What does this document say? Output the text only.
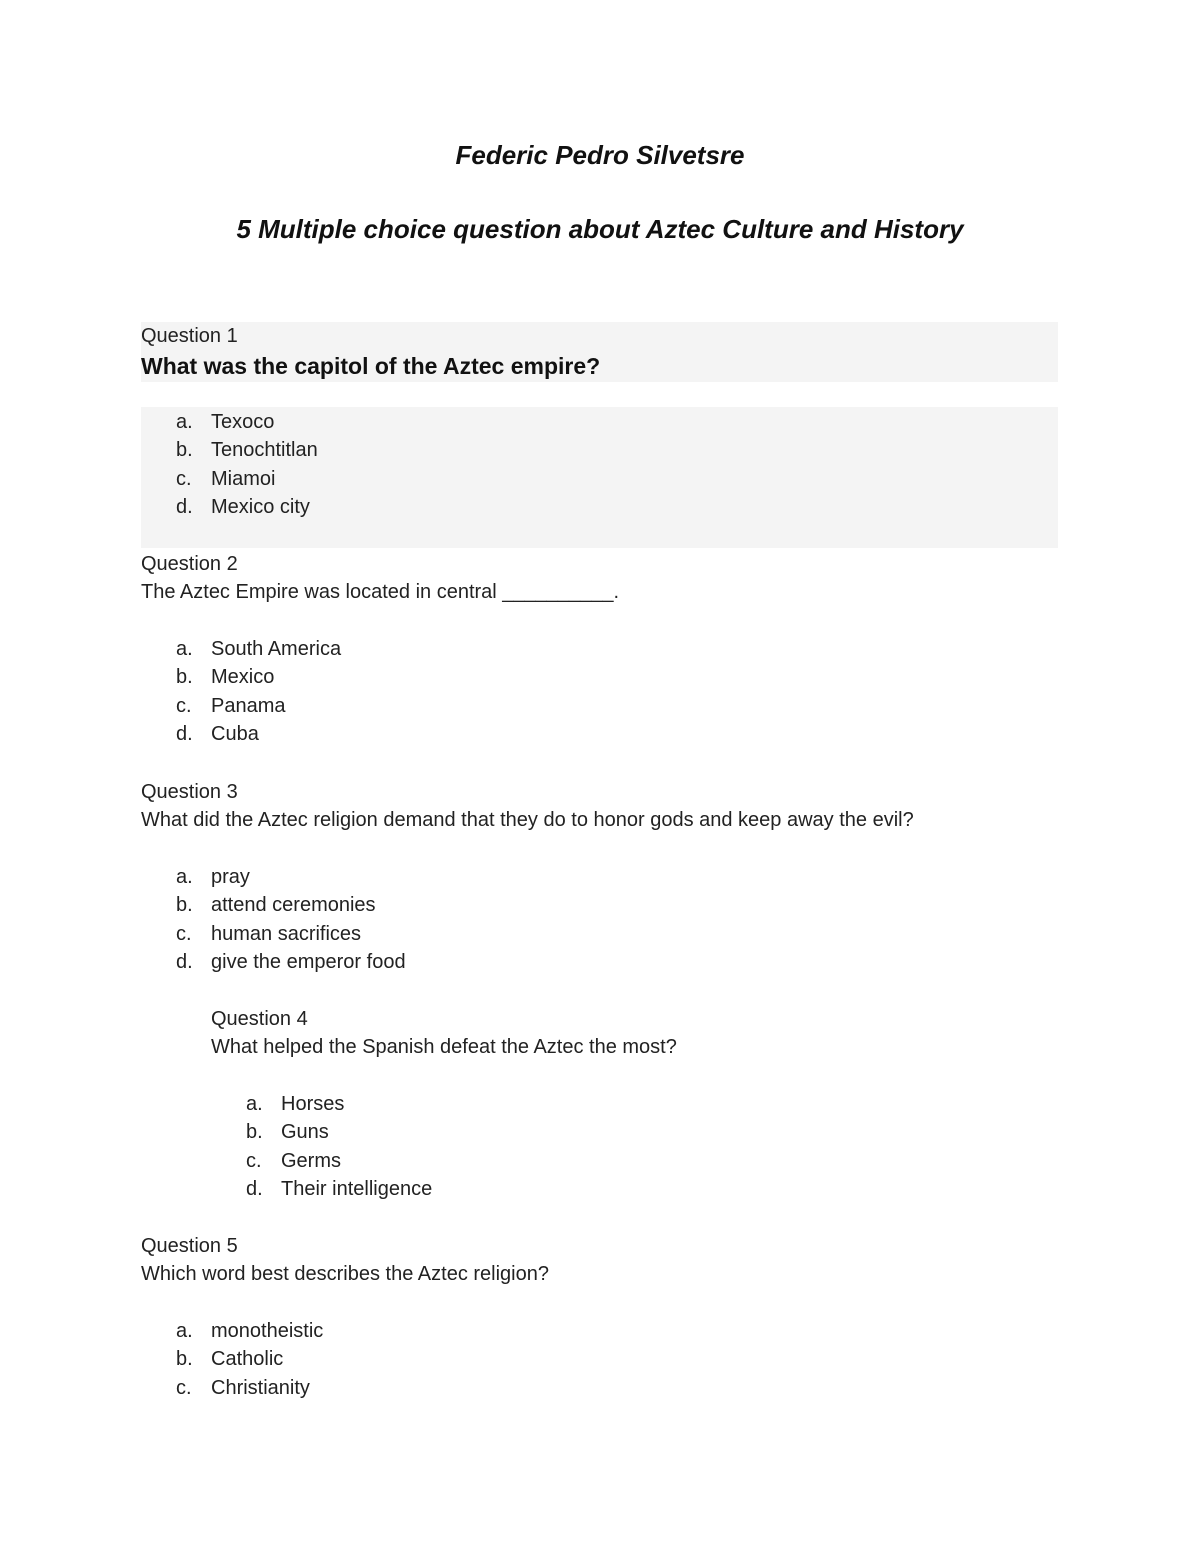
Federic Pedro Silvetsre
5 Multiple choice question about Aztec Culture and History
Question 1
What was the capitol of the Aztec empire?
a. Texoco
b. Tenochtitlan
c. Miamoi
d. Mexico city
Question 2
The Aztec Empire was located in central __________.
a. South America
b. Mexico
c. Panama
d. Cuba
Question 3
What did the Aztec religion demand that they do to honor gods and keep away the evil?
a. pray
b. attend ceremonies
c. human sacrifices
d. give the emperor food
Question 4
What helped the Spanish defeat the Aztec the most?
a. Horses
b. Guns
c. Germs
d. Their intelligence
Question 5
Which word best describes the Aztec religion?
a. monotheistic
b. Catholic
c. Christianity
